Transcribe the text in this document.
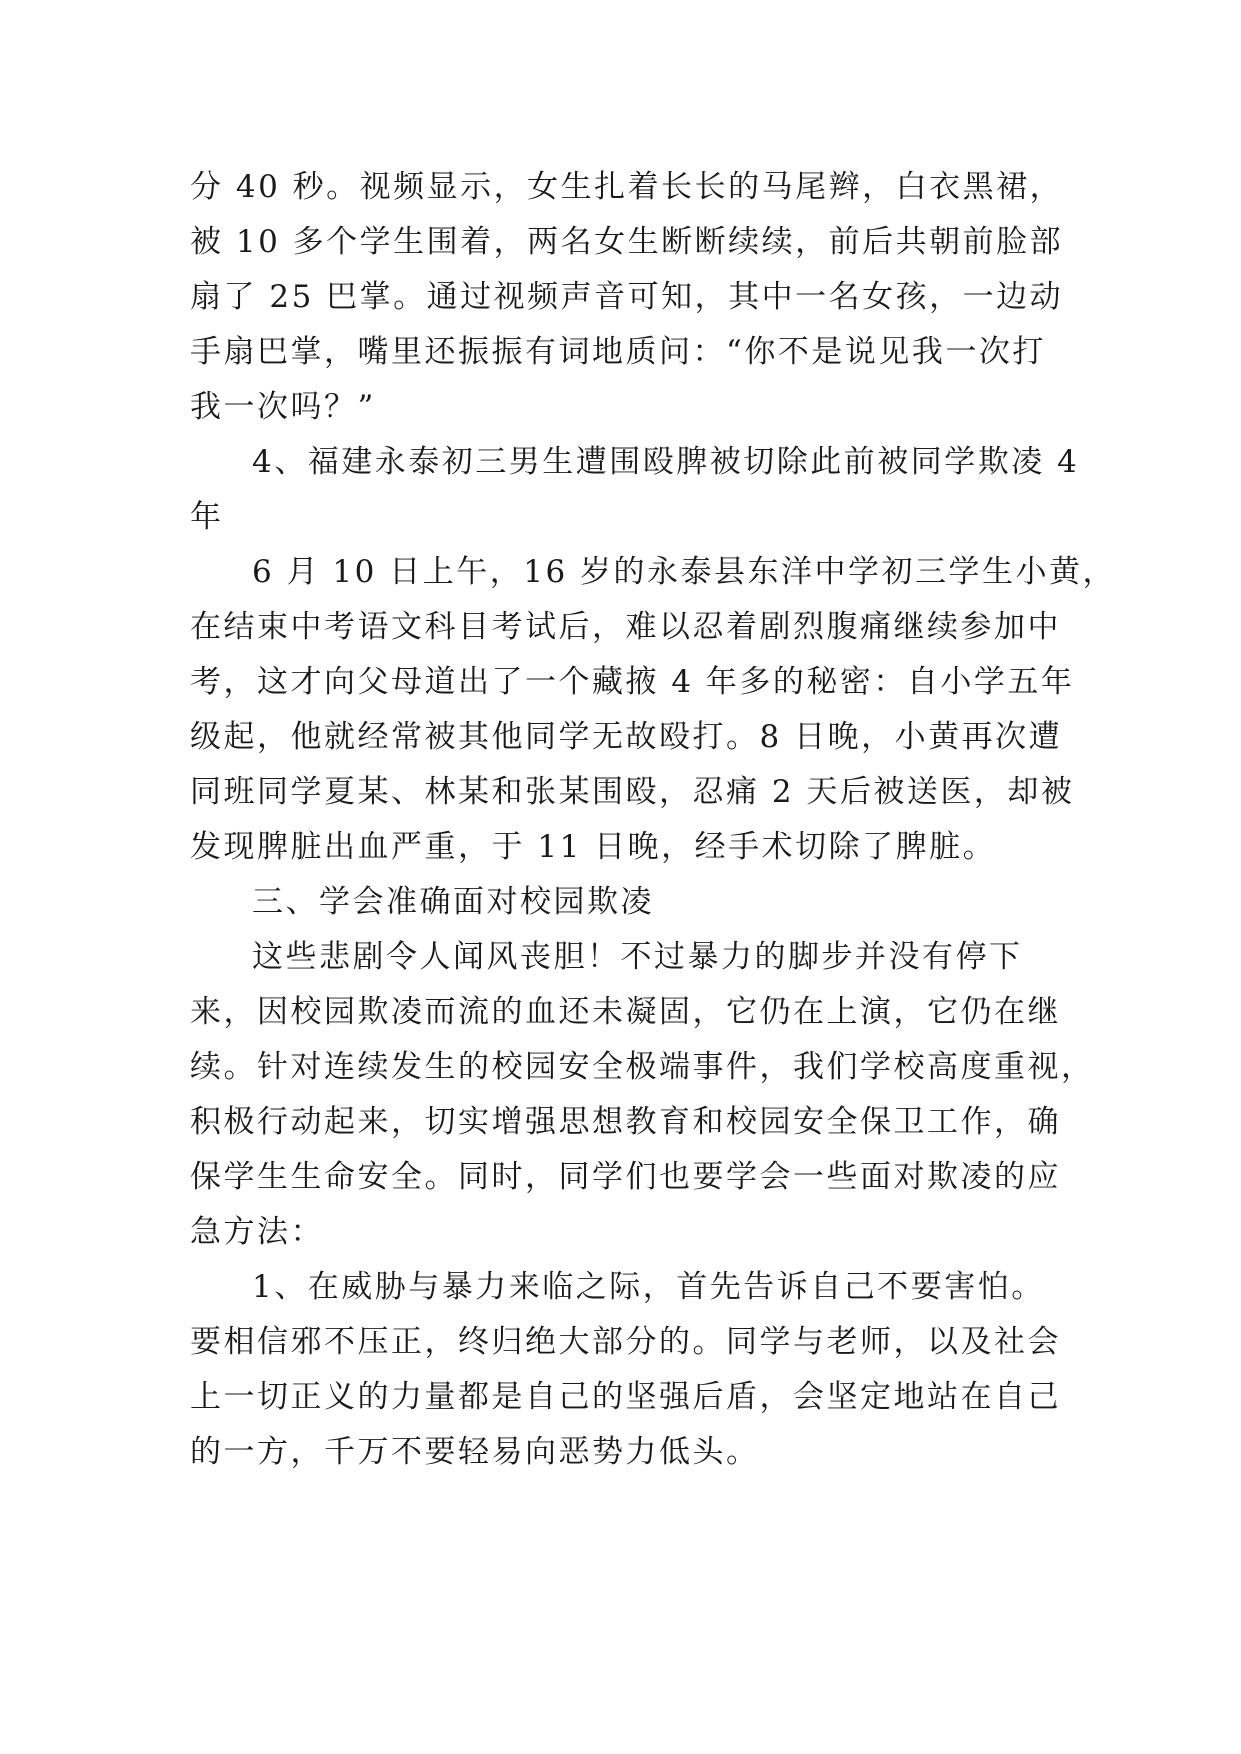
分 40 秒。视频显示，女生扎着长长的马尾辫，白衣黑裙，
被 10 多个学生围着，两名女生断断续续，前后共朝前脸部
扇了 25 巴掌。通过视频声音可知，其中一名女孩，一边动
手扇巴掌，嘴里还振振有词地质问：“你不是说见我一次打
我一次吗？”
4、福建永泰初三男生遭围殴脾被切除此前被同学欺凌 4
年
6 月 10 日上午，16 岁的永泰县东洋中学初三学生小黄，
在结束中考语文科目考试后，难以忍着剧烈腹痛继续参加中
考，这才向父母道出了一个藏掖 4 年多的秘密：自小学五年
级起，他就经常被其他同学无故殴打。8 日晚，小黄再次遭
同班同学夏某、林某和张某围殴，忍痛 2 天后被送医，却被
发现脾脏出血严重，于 11 日晚，经手术切除了脾脏。
三、学会准确面对校园欺凌
这些悲剧令人闻风丧胆！不过暴力的脚步并没有停下
来，因校园欺凌而流的血还未凝固，它仍在上演，它仍在继
续。针对连续发生的校园安全极端事件，我们学校高度重视，
积极行动起来，切实增强思想教育和校园安全保卫工作，确
保学生生命安全。同时，同学们也要学会一些面对欺凌的应
急方法：
1、在威胁与暴力来临之际，首先告诉自己不要害怕。
要相信邪不压正，终归绝大部分的。同学与老师，以及社会
上一切正义的力量都是自己的坚强后盾，会坚定地站在自己
的一方，千万不要轻易向恶势力低头。
